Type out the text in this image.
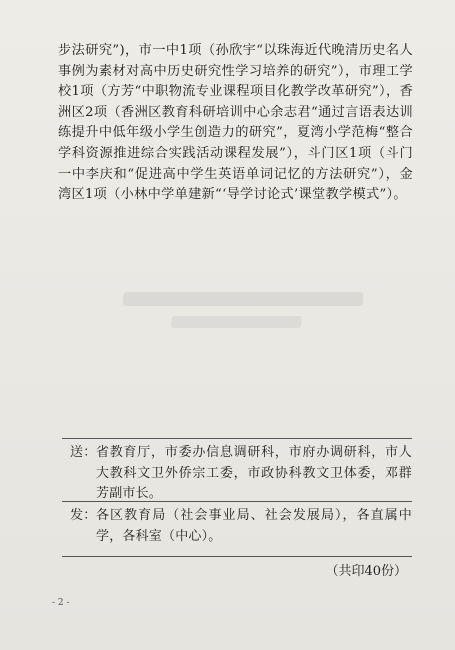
步法研究”)，市一中1项（孙欣宇“以珠海近代晚清历史名人事例为素材对高中历史研究性学习培养的研究”），市理工学校1项（方芳“中职物流专业课程项目化教学改革研究”），香洲区2项（香洲区教育科研培训中心余志君“通过言语表达训练提升中低年级小学生创造力的研究”，夏湾小学范梅“整合学科资源推进综合实践活动课程发展”），斗门区1项（斗门一中李庆和“促进高中学生英语单词记忆的方法研究”），金湾区1项（小林中学单建新“‘导学讨论式’课堂教学模式”）。

送： 省教育厅，市委办信息调研科，市府办调研科，市人大教科文卫外侨宗工委，市政协科教文卫体委，邓群芳副市长。
发： 各区教育局（社会事业局、社会发展局），各直属中学，各科室（中心）。
（共印40份）
- 2 -
